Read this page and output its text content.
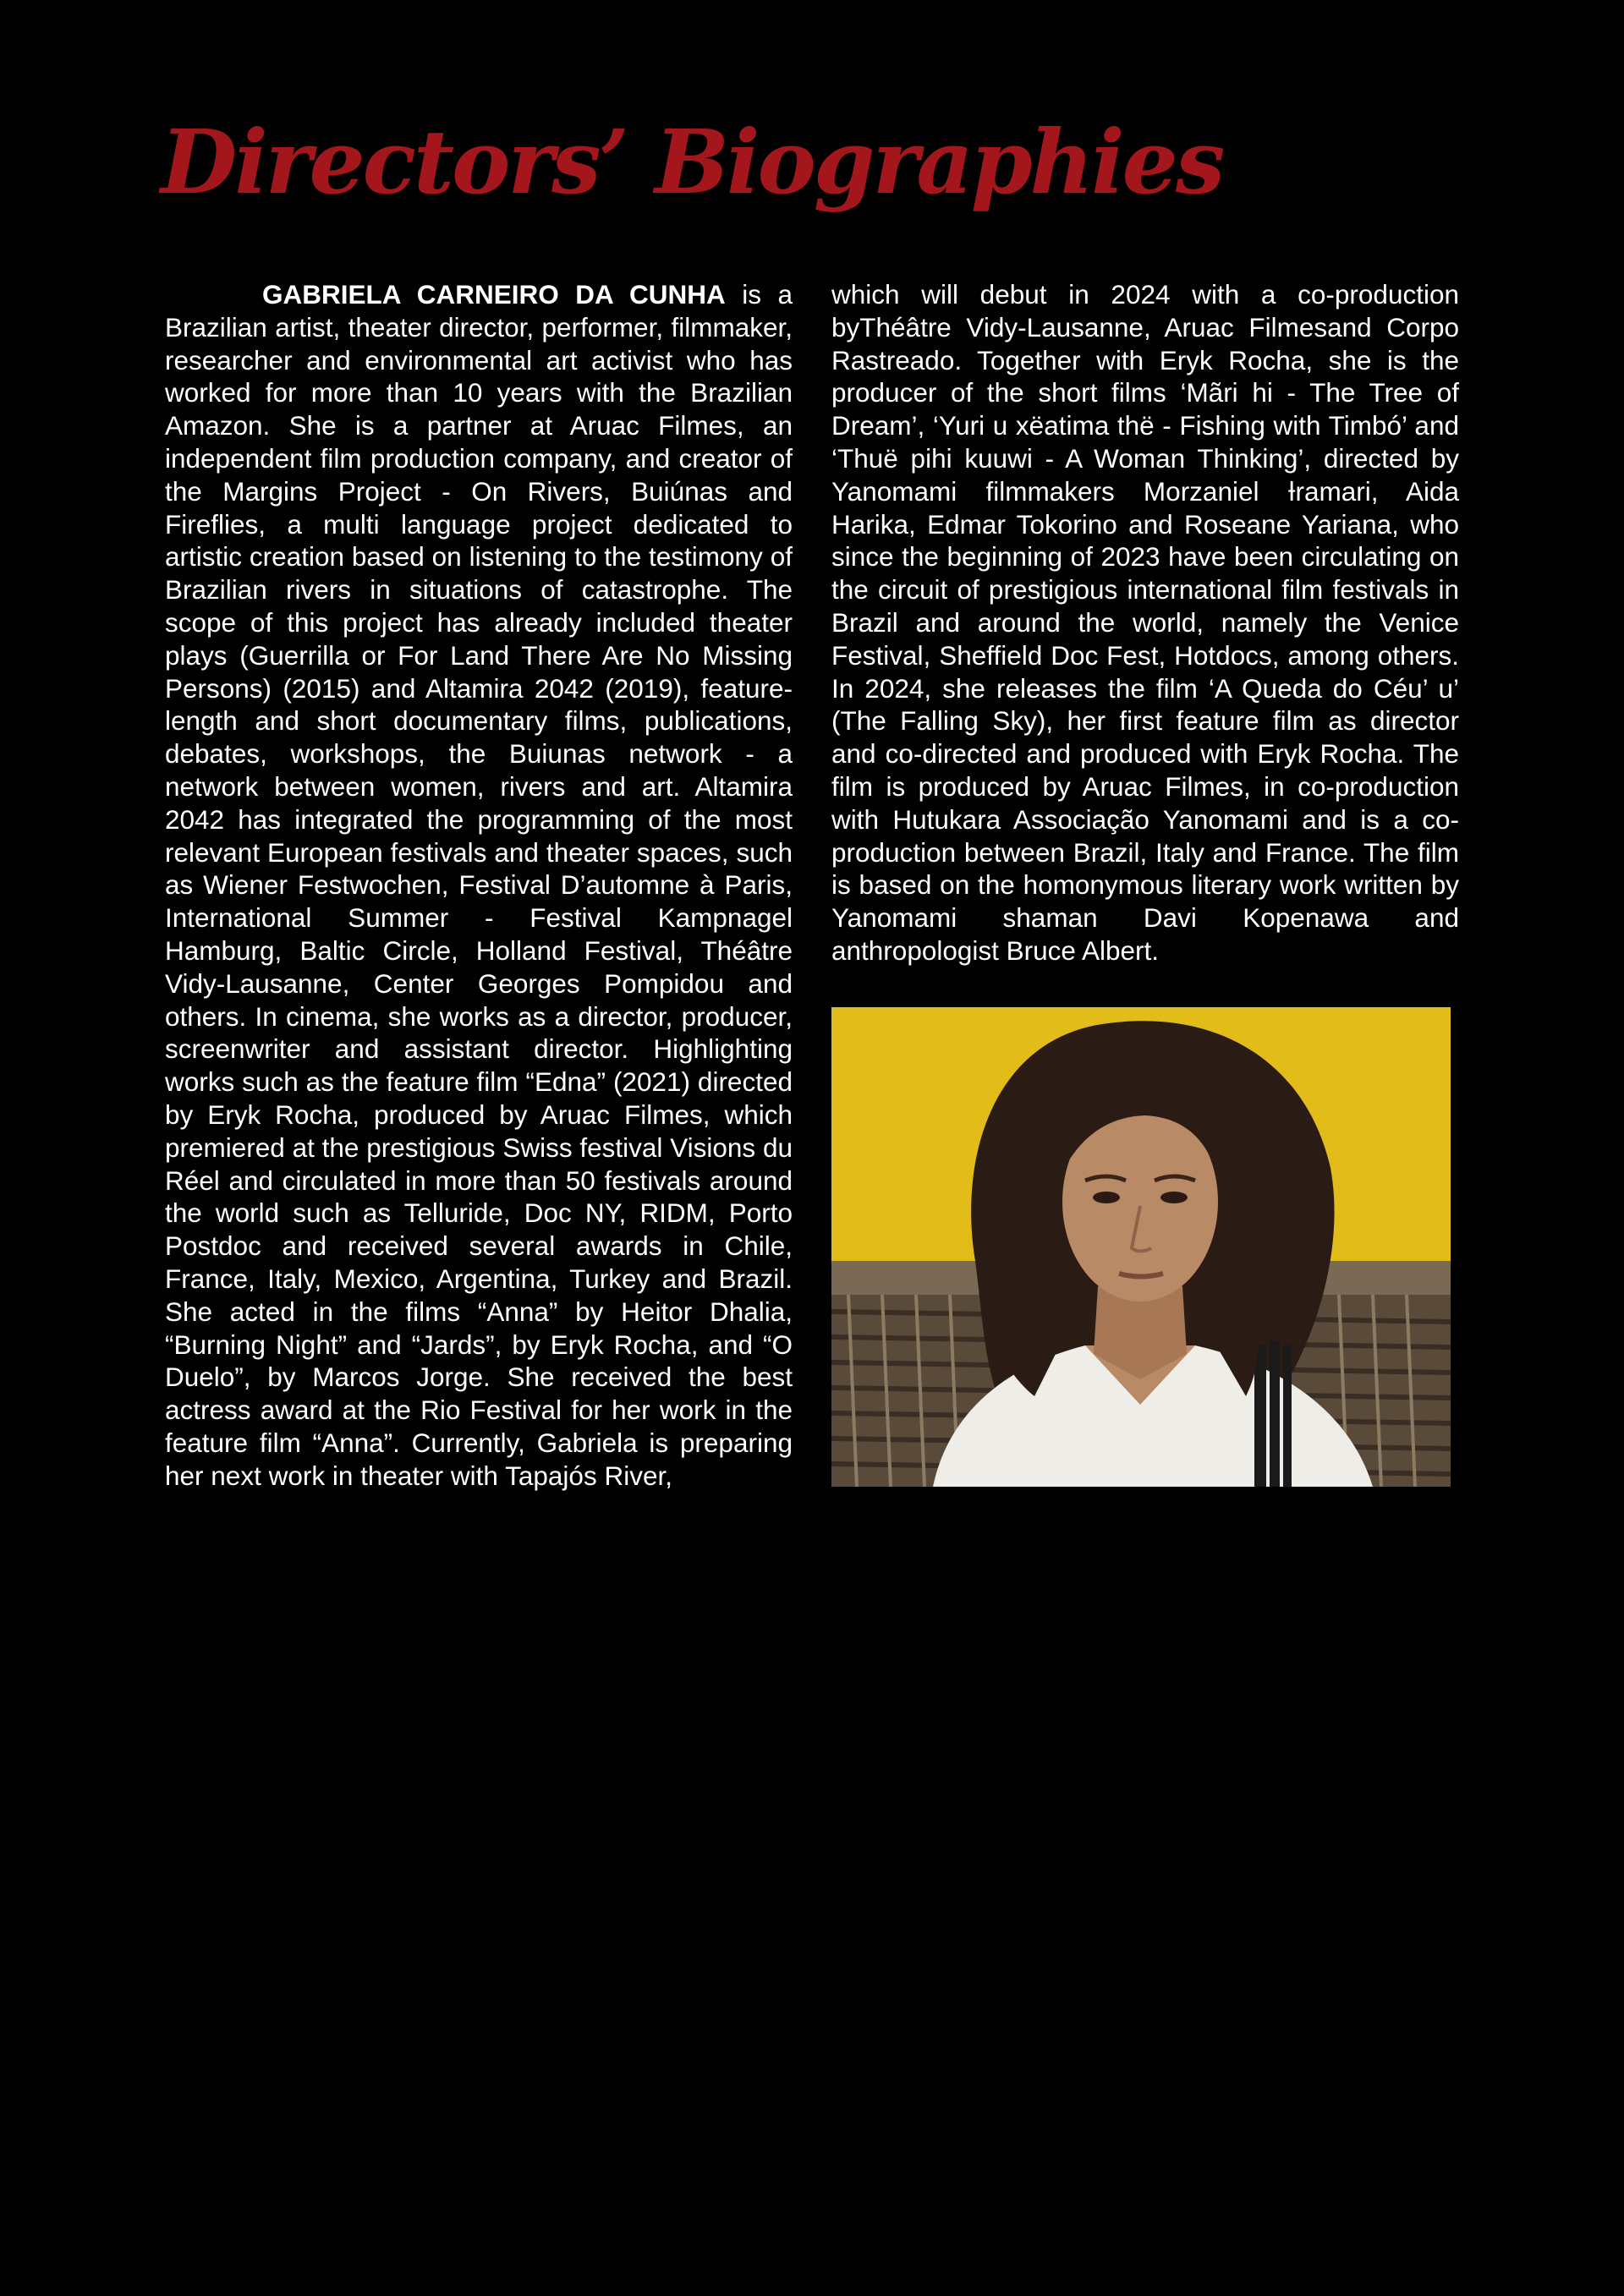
Directors’ Biographies

GABRIELA CARNEIRO DA CUNHA is a Brazilian artist, theater director, performer, filmmaker, researcher and environmental art activist who has worked for more than 10 years with the Brazilian Amazon. She is a partner at Aruac Filmes, an independent film production company, and creator of the Margins Project - On Rivers, Buiúnas and Fireflies, a multi language project dedicated to artistic creation based on listening to the testimony of Brazilian rivers in situations of catastrophe. The scope of this project has already included theater plays (Guerrilla or For Land There Are No Missing Persons) (2015) and Altamira 2042 (2019), feature-length and short documentary films, publications, debates, workshops, the Buiunas network - a network between women, rivers and art. Altamira 2042 has integrated the programming of the most relevant European festivals and theater spaces, such as Wiener Festwochen, Festival D’automne à Paris, International Summer - Festival Kampnagel Hamburg, Baltic Circle, Holland Festival, Théâtre Vidy-Lausanne, Center Georges Pompidou and others. In cinema, she works as a director, producer, screenwriter and assistant director. Highlighting works such as the feature film “Edna” (2021) directed by Eryk Rocha, produced by Aruac Filmes, which premiered at the prestigious Swiss festival Visions du Réel and circulated in more than 50 festivals around the world such as Telluride, Doc NY, RIDM, Porto Postdoc and received several awards in Chile, France, Italy, Mexico, Argentina, Turkey and Brazil. She acted in the films “Anna” by Heitor Dhalia, “Burning Night” and “Jards”, by Eryk Rocha, and “O Duelo”, by Marcos Jorge. She received the best actress award at the Rio Festival for her work in the feature film “Anna”. Currently, Gabriela is preparing her next work in theater with Tapajós River,

which will debut in 2024 with a co-production byThéâtre Vidy-Lausanne, Aruac Filmesand Corpo Rastreado. Together with Eryk Rocha, she is the producer of the short films ‘Mãri hi - The Tree of Dream’, ‘Yuri u xëatima thë - Fishing with Timbó’ and ‘Thuë pihi kuuwi - A Woman Thinking’, directed by Yanomami filmmakers Morzaniel Ɨramari, Aida Harika, Edmar Tokorino and Roseane Yariana, who since the beginning of 2023 have been circulating on the circuit of prestigious international film festivals in Brazil and around the world, namely the Venice Festival, Sheffield Doc Fest, Hotdocs, among others. In 2024, she releases the film ‘A Queda do Céu’ u’ (The Falling Sky), her first feature film as director and co-directed and produced with Eryk Rocha. The film is produced by Aruac Filmes, in co-production with Hutukara Associação Yanomami and is a co-production between Brazil, Italy and France. The film is based on the homonymous literary work written by Yanomami shaman Davi Kopenawa and anthropologist Bruce Albert.
